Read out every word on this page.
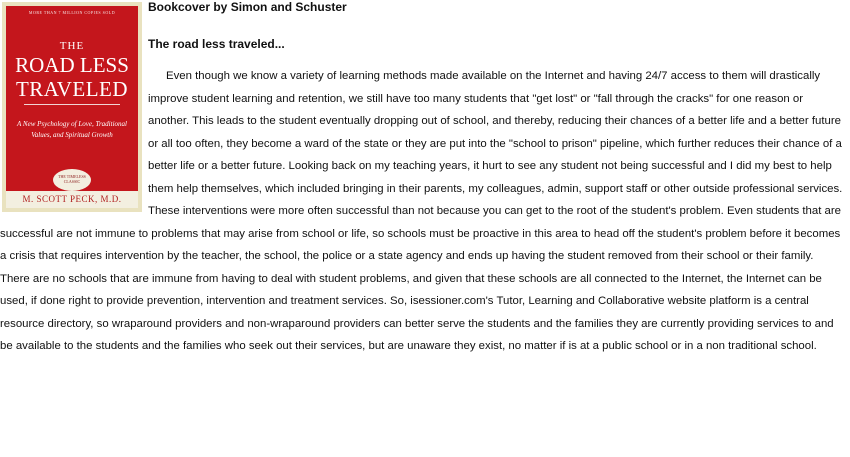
MORE THAN 7 MILLION COPIES SOLD
THE
ROAD LESS
TRAVELED
A New Psychology of Love, Traditional Values, and Spiritual Growth
THE TIMELESS CLASSIC
M. SCOTT PECK, M.D.

Bookcover by Simon and Schuster

The road less traveled...

Even though we know a variety of learning methods made available on the Internet and having 24/7 access to them will drastically improve student learning and retention, we still have too many students that "get lost" or "fall through the cracks" for one reason or another. This leads to the student eventually dropping out of school, and thereby, reducing their chances of a better life and a better future or all too often, they become a ward of the state or they are put into the "school to prison" pipeline, which further reduces their chance of a better life or a better future. Looking back on my teaching years, it hurt to see any student not being successful and I did my best to help them help themselves, which included bringing in their parents, my colleagues, admin, support staff or other outside professional services. These interventions were more often successful than not because you can get to the root of the student's problem. Even students that are successful are not immune to problems that may arise from school or life, so schools must be proactive in this area to head off the student's problem before it becomes a crisis that requires intervention by the teacher, the school, the police or a state agency and ends up having the student removed from their school or their family. There are no schools that are immune from having to deal with student problems, and given that these schools are all connected to the Internet, the Internet can be used, if done right to provide prevention, intervention and treatment services. So, isessioner.com's Tutor, Learning and Collaborative website platform is a central resource directory, so wraparound providers and non-wraparound providers can better serve the students and the families they are currently providing services to and be available to the students and the families who seek out their services, but are unaware they exist, no matter if is at a public school or in a non traditional school.
